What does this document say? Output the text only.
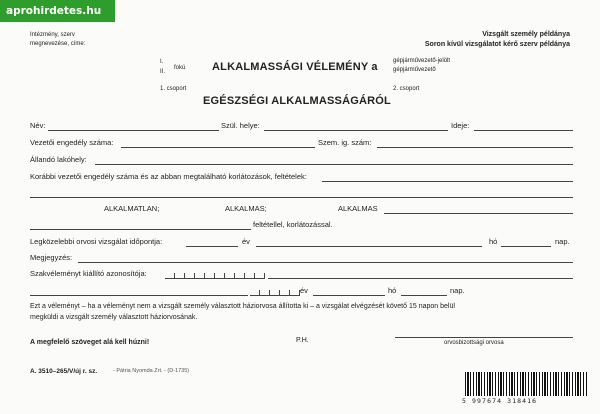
aprohirdetes.hu
Intézmény, szerv
megnevezése, címe:
Vizsgált személy példánya
Soron kívül vizsgálatot kérő szerv példánya
I.
II.
fokú ALKALMASSÁGI VÉLEMÉNY a	gépjárművezető-jelölt
gépjárművezető
1. csoport	2. csoport
EGÉSZSÉGI ALKALMASSÁGÁRÓL
Név:	Szül. helye:	Ideje:
Vezetői engedély száma:	Szem. ig. szám:
Állandó lakóhely:
Korábbi vezetői engedély száma és az abban megtalálható korlátozások, feltételek:
ALKALMATLAN;	ALKALMAS;	ALKALMAS
feltétellel, korlátozással.
Legközelebbi orvosi vizsgálat időpontja:	év	hó	nap.
Megjegyzés:
Szakvéleményt kiállító azonosítója:
év	hó	nap.
Ezt a véleményt – ha a véleményt nem a vizsgált személy választott háziorvosa állította ki – a vizsgálat elvégzését követő 15 napon belül
megküldi a vizsgált személy választott háziorvosának.
A megfelelő szöveget alá kell húzni!	P.H.	orvosbizottsági orvosa
A. 3510–265/V/új r. sz.	- Pátria Nyomda Zrt. - (D-1735)
5 997674 318416
